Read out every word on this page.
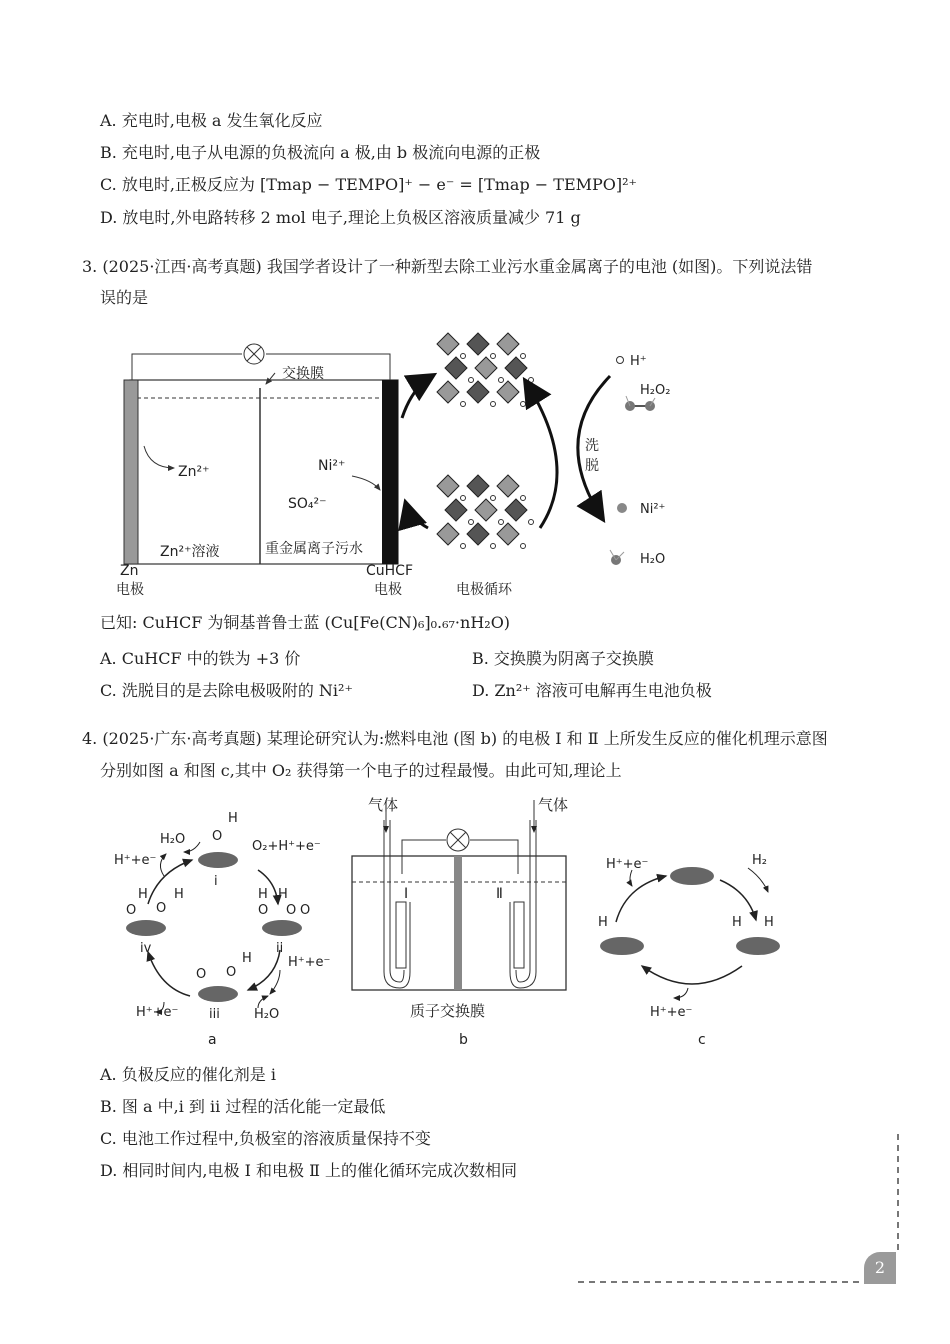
A. 充电时,电极 a 发生氧化反应
B. 充电时,电子从电源的负极流向 a 极,由 b 极流向电源的正极
C. 放电时,正极反应为 [Tmap − TEMPO]⁺ − e⁻ = [Tmap − TEMPO]²⁺
D. 放电时,外电路转移 2 mol 电子,理论上负极区溶液质量减少 71 g
3. (2025·江西·高考真题) 我国学者设计了一种新型去除工业污水重金属离子的电池 (如图)。下列说法错
误的是
交换膜
Zn²⁺	Ni²⁺
SO₄²⁻
Zn²⁺溶液	重金属离子污水
Zn
电极
CuHCF
电极
洗
脱
H⁺
H₂O₂
Ni²⁺
H₂O
电极循环
已知: CuHCF 为铜基普鲁士蓝 (Cu[Fe(CN)₆]₀.₆₇·nH₂O)
A. CuHCF 中的铁为 +3 价	B. 交换膜为阴离子交换膜
C. 洗脱目的是去除电极吸附的 Ni²⁺	D. Zn²⁺ 溶液可电解再生电池负极
4. (2025·广东·高考真题) 某理论研究认为:燃料电池 (图 b) 的电极 Ⅰ 和 Ⅱ 上所发生反应的催化机理示意图
分别如图 a 和图 c,其中 O₂ 获得第一个电子的过程最慢。由此可知,理论上
H₂O	O₂+H⁺+e⁻
H⁺+e⁻
H⁺+e⁻
H⁺+e⁻	H₂O
O
H
i
ii
iii
iv
O O
H
O
H H
O
H H
O O O
a
气体	气体
Ⅰ	Ⅱ
质子交换膜
b
H⁺+e⁻	H₂
H⁺+e⁻
H	H H
c
A. 负极反应的催化剂是 i
B. 图 a 中,i 到 ii 过程的活化能一定最低
C. 电池工作过程中,负极室的溶液质量保持不变
D. 相同时间内,电极 Ⅰ 和电极 Ⅱ 上的催化循环完成次数相同
2
